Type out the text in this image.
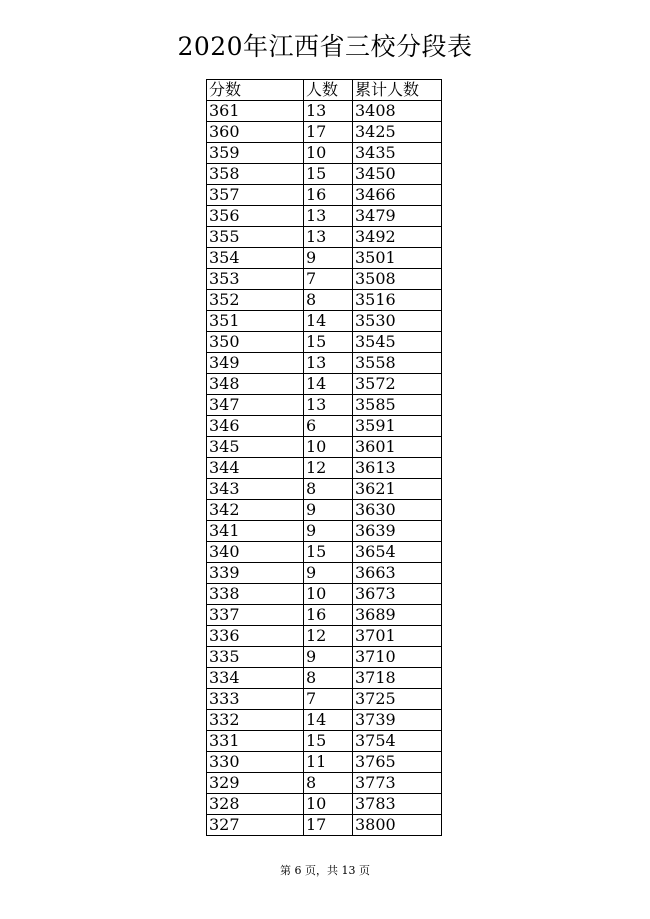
2020年江西省三校分段表
分数	人数	累计人数
361	13	3408
360	17	3425
359	10	3435
358	15	3450
357	16	3466
356	13	3479
355	13	3492
354	9	3501
353	7	3508
352	8	3516
351	14	3530
350	15	3545
349	13	3558
348	14	3572
347	13	3585
346	6	3591
345	10	3601
344	12	3613
343	8	3621
342	9	3630
341	9	3639
340	15	3654
339	9	3663
338	10	3673
337	16	3689
336	12	3701
335	9	3710
334	8	3718
333	7	3725
332	14	3739
331	15	3754
330	11	3765
329	8	3773
328	10	3783
327	17	3800
第 6 页，共 13 页
